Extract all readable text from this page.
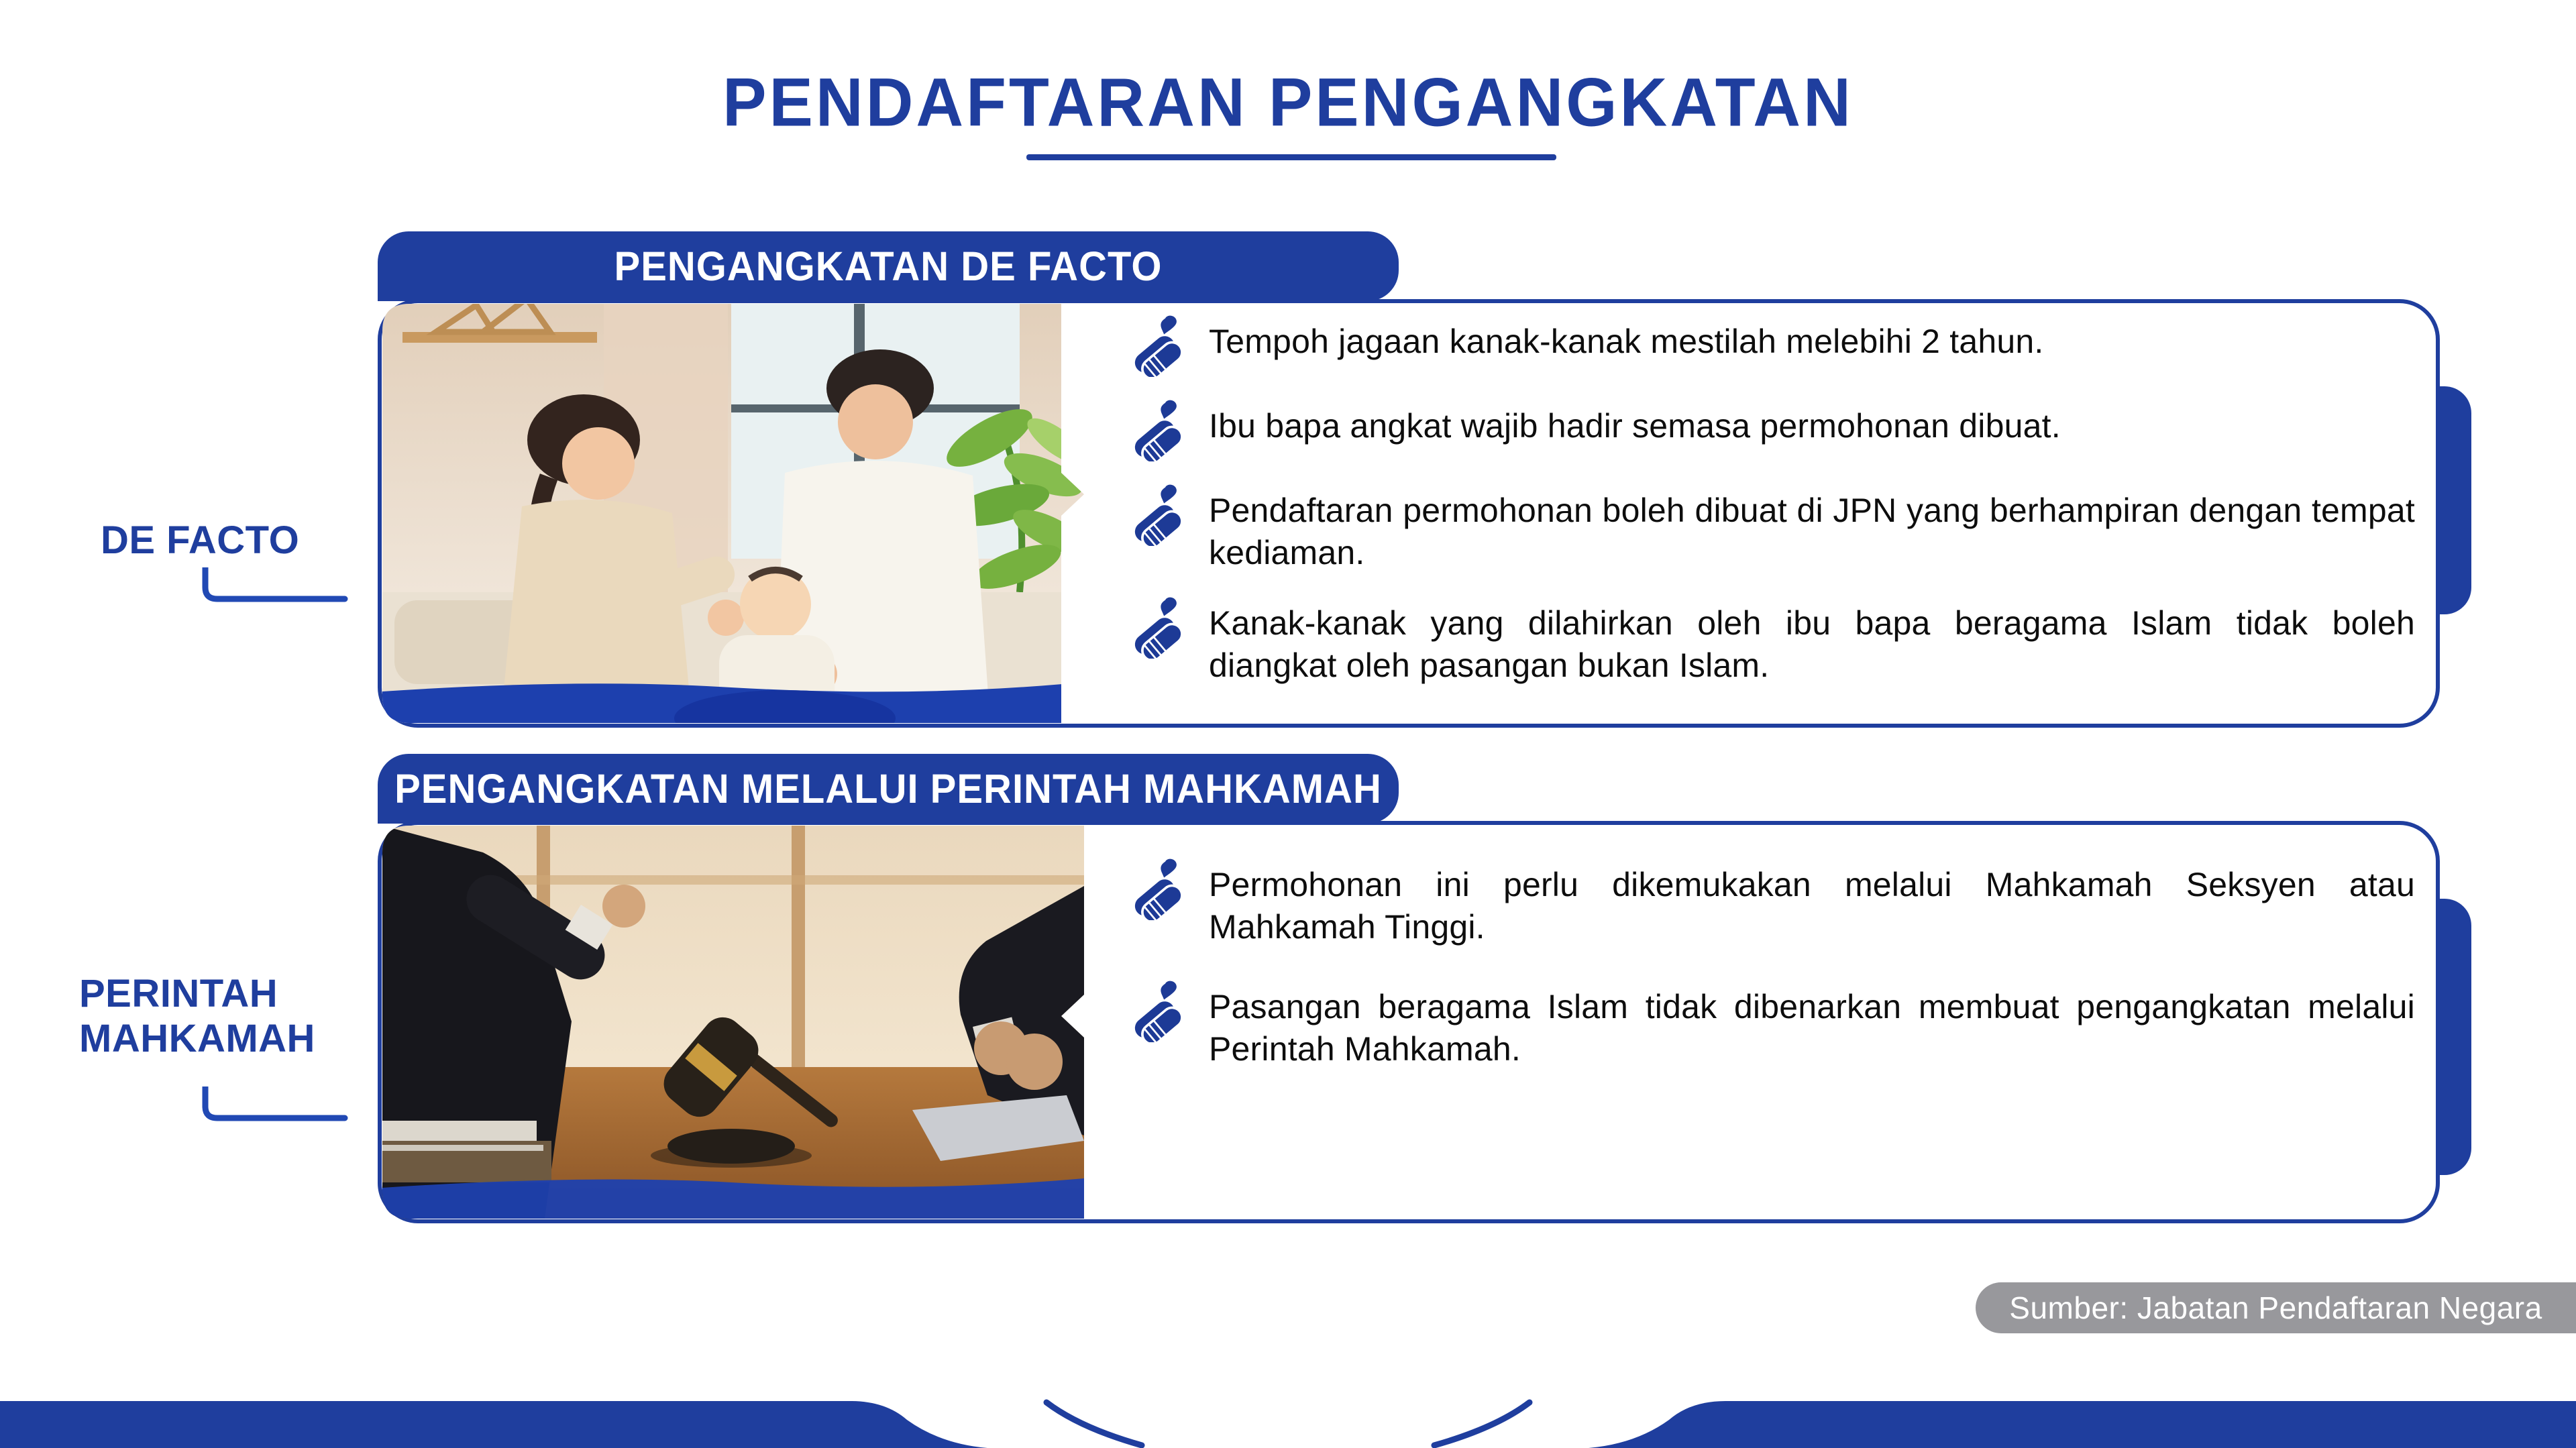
PENDAFTARAN PENGANGKATAN
PENGANGKATAN DE FACTO

Tempoh jagaan kanak-kanak mestilah melebihi 2 tahun.

Ibu bapa angkat wajib hadir semasa permohonan dibuat.

Pendaftaran permohonan boleh dibuat di JPN yang berhampiran dengan tempat kediaman.

Kanak-kanak yang dilahirkan oleh ibu bapa beragama Islam tidak boleh diangkat oleh pasangan bukan Islam.

DE FACTO
PENGANGKATAN MELALUI PERINTAH MAHKAMAH

Permohonan ini perlu dikemukakan melalui Mahkamah Seksyen atau Mahkamah Tinggi.

Pasangan beragama Islam tidak dibenarkan membuat pengangkatan melalui Perintah Mahkamah.

PERINTAH MAHKAMAH
Sumber: Jabatan Pendaftaran Negara
